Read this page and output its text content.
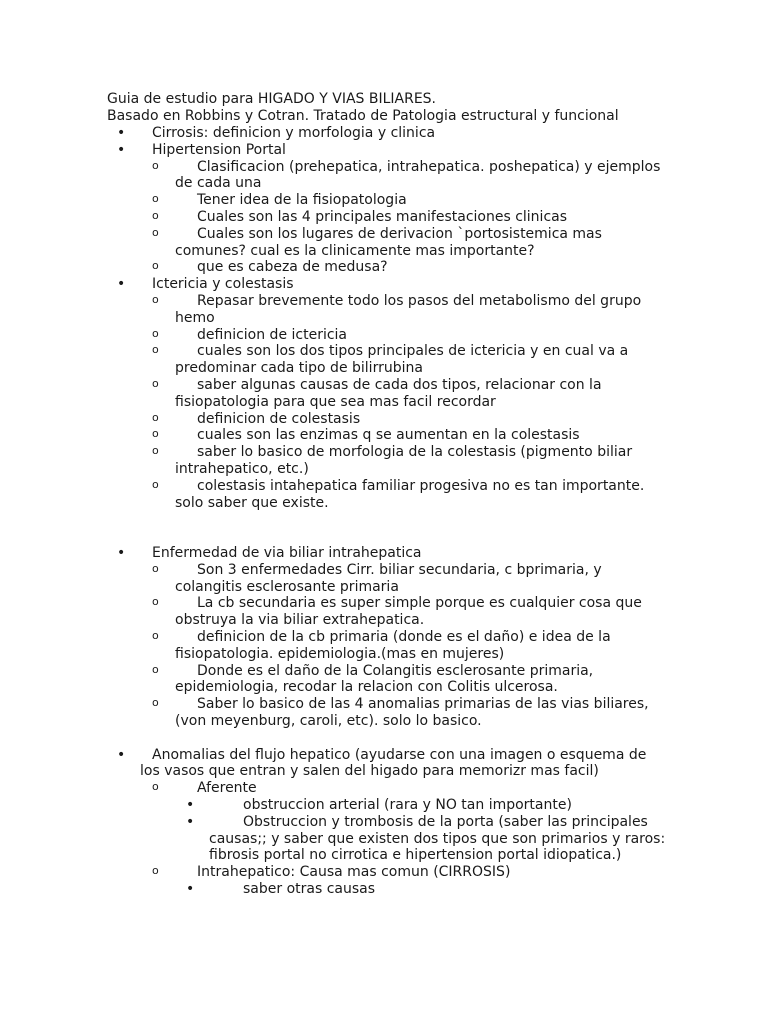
Guia de estudio para HIGADO Y VIAS BILIARES.
Basado en Robbins y Cotran. Tratado de Patologia estructural y funcional
• Cirrosis: definicion y morfologia y clinica
• Hipertension Portal
o	Clasificacion (prehepatica, intrahepatica. poshepatica) y ejemplos
de cada una
o	Tener idea de la fisiopatologia
o	Cuales son las 4 principales manifestaciones clinicas
o	Cuales son los lugares de derivacion `portosistemica mas
comunes? cual es la clinicamente mas importante?
o	que es cabeza de medusa?
• Ictericia y colestasis
o	Repasar brevemente todo los pasos del metabolismo del grupo
hemo
o	definicion de ictericia
o	cuales son los dos tipos principales de ictericia y en cual va a
predominar cada tipo de bilirrubina
o	saber algunas causas de cada dos tipos, relacionar con la
fisiopatologia para que sea mas facil recordar
o	definicion de colestasis
o	cuales son las enzimas q se aumentan en la colestasis
o	saber lo basico de morfologia de la colestasis (pigmento biliar
intrahepatico, etc.)
o	colestasis intahepatica familiar progesiva no es tan importante.
solo saber que existe.
• Enfermedad de via biliar intrahepatica
o	Son 3 enfermedades Cirr. biliar secundaria, c bprimaria, y
colangitis esclerosante primaria
o	La cb secundaria es super simple porque es cualquier cosa que
obstruya la via biliar extrahepatica.
o	definicion de la cb primaria (donde es el daño) e idea de la
fisiopatologia. epidemiologia.(mas en mujeres)
o	Donde es el daño de la Colangitis esclerosante primaria,
epidemiologia, recodar la relacion con Colitis ulcerosa.
o	Saber lo basico de las 4 anomalias primarias de las vias biliares,
(von meyenburg, caroli, etc). solo lo basico.
• Anomalias del flujo hepatico (ayudarse con una imagen o esquema de
los vasos que entran y salen del higado para memorizr mas facil)
o	Aferente
•	obstruccion arterial (rara y NO tan importante)
•	Obstruccion y trombosis de la porta (saber las principales
causas;; y saber que existen dos tipos que son primarios y raros:
fibrosis portal no cirrotica e hipertension portal idiopatica.)
o	Intrahepatico: Causa mas comun (CIRROSIS)
•	saber otras causas
